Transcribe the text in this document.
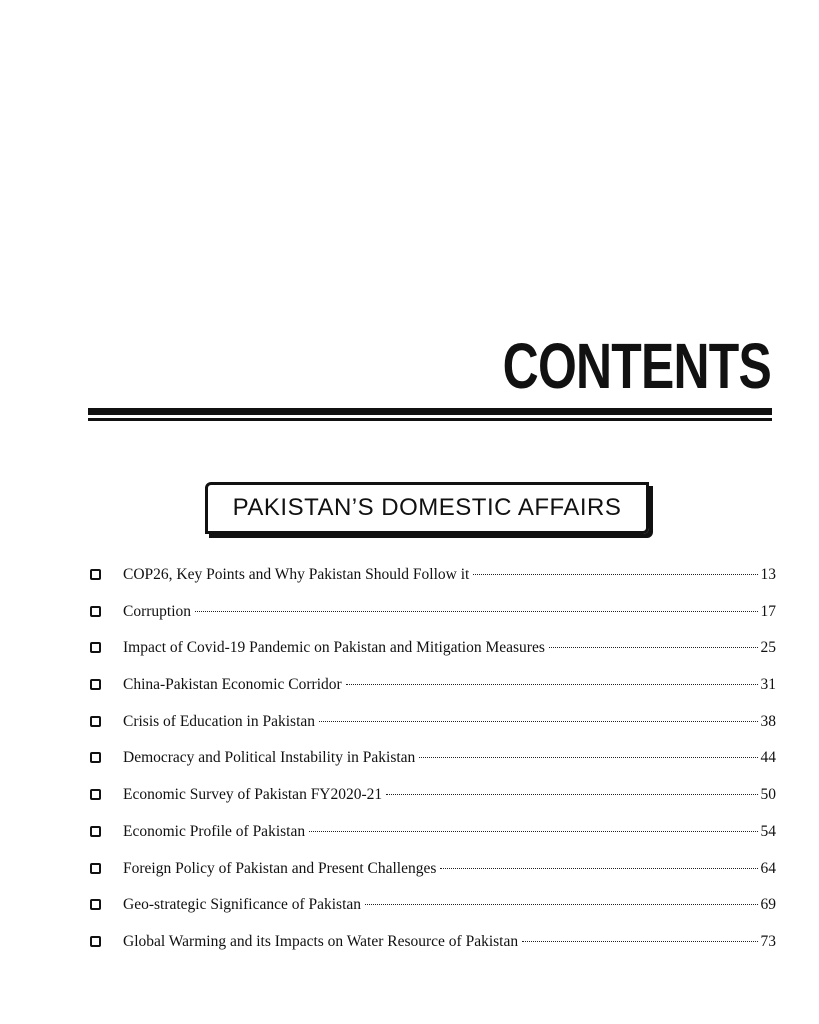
CONTENTS
PAKISTAN’S DOMESTIC AFFAIRS
COP26, Key Points and Why Pakistan Should Follow it	13
Corruption	17
Impact of Covid-19 Pandemic on Pakistan and Mitigation Measures	25
China-Pakistan Economic Corridor	31
Crisis of Education in Pakistan	38
Democracy and Political Instability in Pakistan	44
Economic Survey of Pakistan FY2020-21	50
Economic Profile of Pakistan	54
Foreign Policy of Pakistan and Present Challenges	64
Geo-strategic Significance of Pakistan	69
Global Warming and its Impacts on Water Resource of Pakistan	73
